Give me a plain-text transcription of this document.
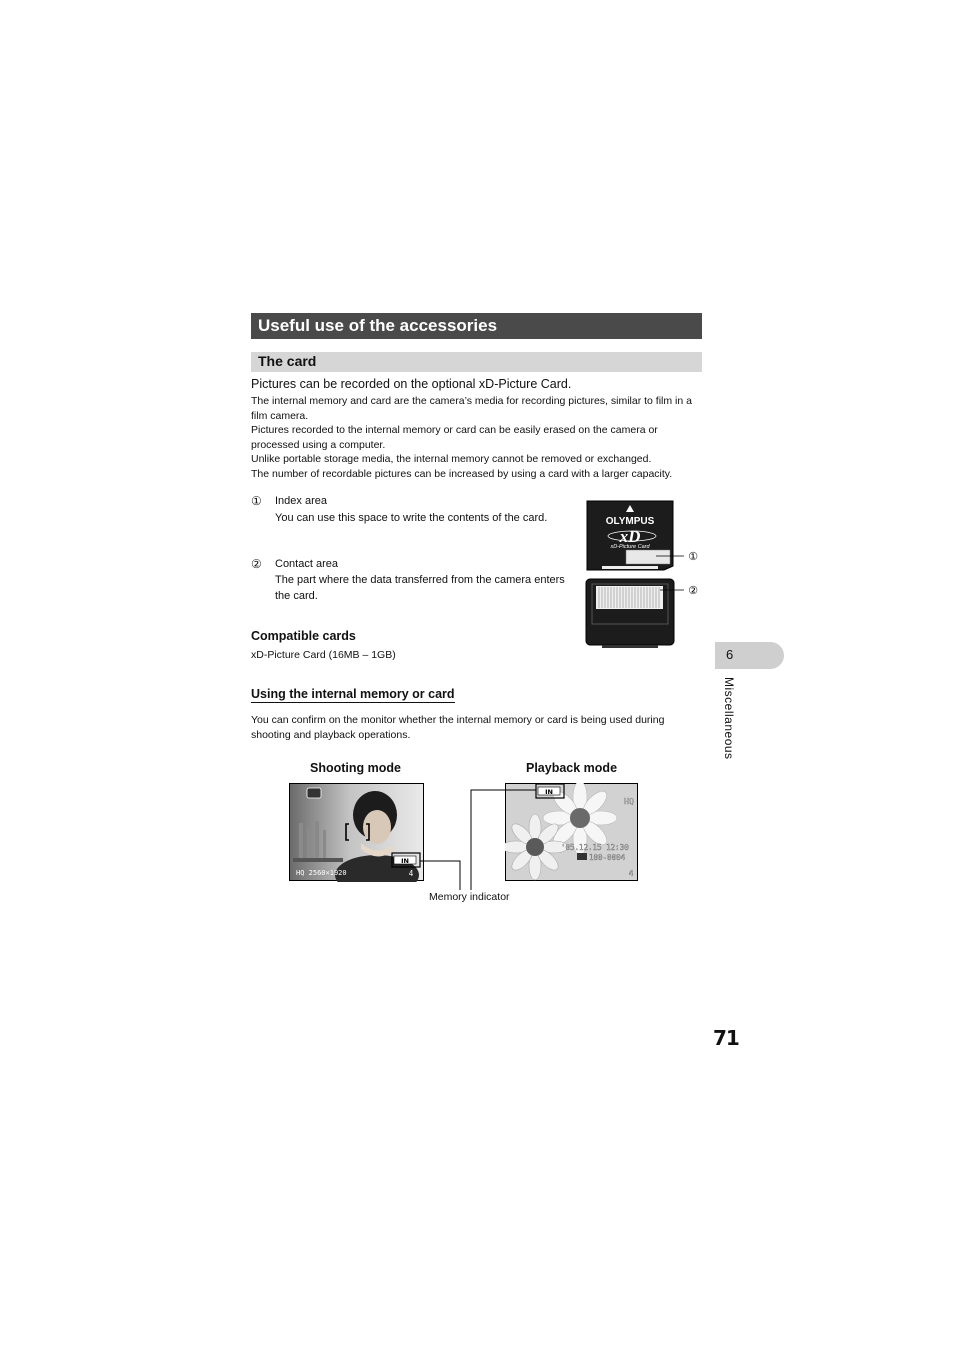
Useful use of the accessories
The card
Pictures can be recorded on the optional xD-Picture Card.

The internal memory and card are the camera’s media for recording pictures, similar to film in a film camera.

Pictures recorded to the internal memory or card can be easily erased on the camera or processed using a computer.

Unlike portable storage media, the internal memory cannot be removed or exchanged.

The number of recordable pictures can be increased by using a card with a larger capacity.

① Index area
You can use this space to write the contents of the card.
② Contact area
The part where the data transferred from the camera enters the card.
OLYMPUS
xD
xD-Picture Card
①
②
Compatible cards
xD-Picture Card (16MB – 1GB)
Using the internal memory or card
You can confirm on the monitor whether the internal memory or card is being used during shooting and playback operations.
Shooting mode	Playback mode
HQ 2560×1920
IN
4
IN
HQ
'05.12.15 12:30
100-0004
4
Memory indicator
6
Miscellaneous
71
